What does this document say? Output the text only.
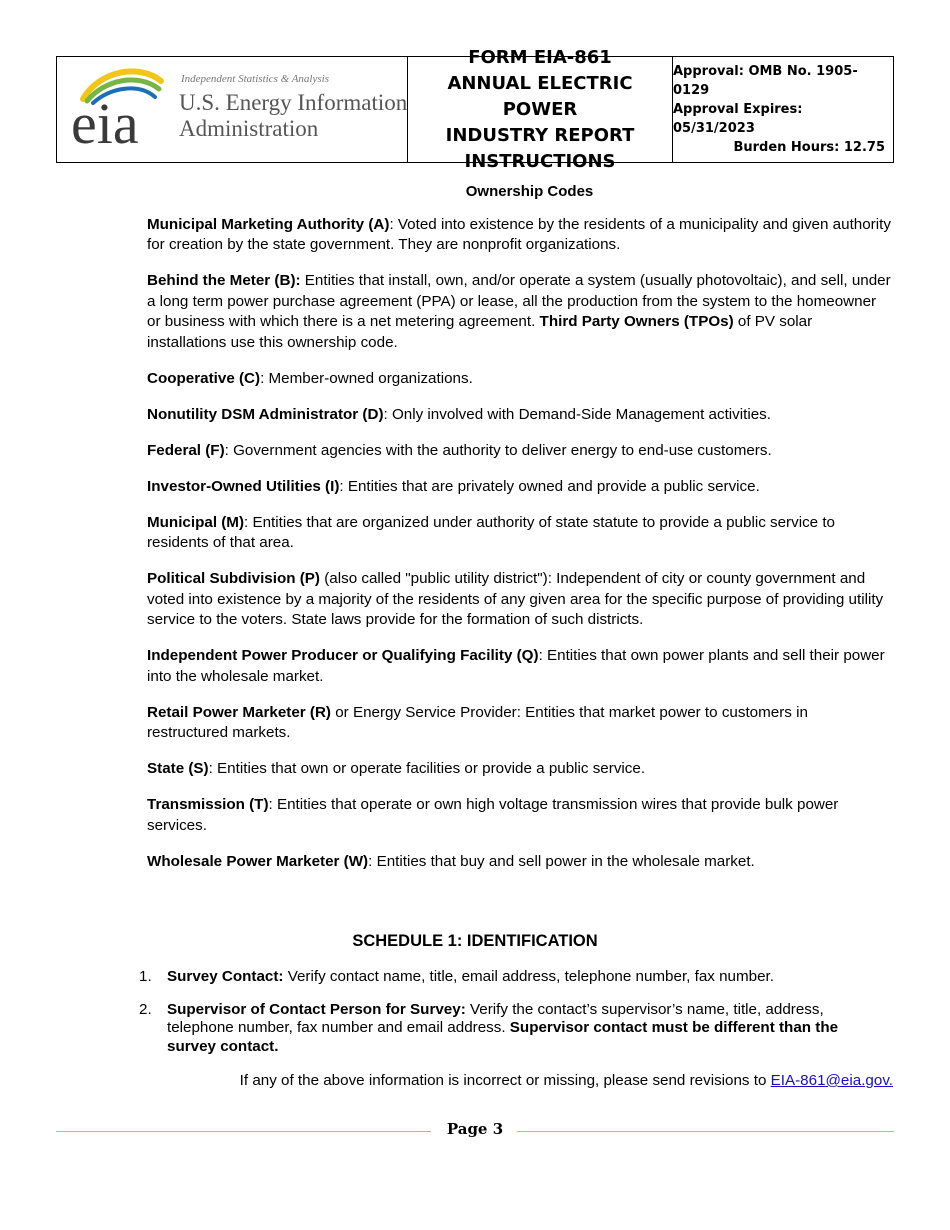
eia
Independent Statistics & Analysis
U.S. Energy Information
Administration
FORM EIA-861
ANNUAL ELECTRIC POWER
INDUSTRY REPORT
INSTRUCTIONS
Approval: OMB No. 1905-0129
Approval Expires: 05/31/2023
Burden Hours: 12.75
Ownership Codes

Municipal Marketing Authority (A): Voted into existence by the residents of a municipality and given authority for creation by the state government. They are nonprofit organizations.

Behind the Meter (B): Entities that install, own, and/or operate a system (usually photovoltaic), and sell, under a long term power purchase agreement (PPA) or lease, all the production from the system to the homeowner or business with which there is a net metering agreement. Third Party Owners (TPOs) of PV solar installations use this ownership code.

Cooperative (C): Member-owned organizations.

Nonutility DSM Administrator (D): Only involved with Demand-Side Management activities.

Federal (F): Government agencies with the authority to deliver energy to end-use customers.

Investor-Owned Utilities (I): Entities that are privately owned and provide a public service.

Municipal (M): Entities that are organized under authority of state statute to provide a public service to residents of that area.

Political Subdivision (P) (also called "public utility district"): Independent of city or county government and voted into existence by a majority of the residents of any given area for the specific purpose of providing utility service to the voters. State laws provide for the formation of such districts.

Independent Power Producer or Qualifying Facility (Q): Entities that own power plants and sell their power into the wholesale market.

Retail Power Marketer (R) or Energy Service Provider: Entities that market power to customers in restructured markets.

State (S): Entities that own or operate facilities or provide a public service.

Transmission (T): Entities that operate or own high voltage transmission wires that provide bulk power services.

Wholesale Power Marketer (W): Entities that buy and sell power in the wholesale market.

SCHEDULE 1: IDENTIFICATION
1.	Survey Contact: Verify contact name, title, email address, telephone number, fax number.
2.	Supervisor of Contact Person for Survey: Verify the contact’s supervisor’s name, title, address, telephone number, fax number and email address. Supervisor contact must be different than the survey contact.
If any of the above information is incorrect or missing, please send revisions to EIA-861@eia.gov.
Page 3
